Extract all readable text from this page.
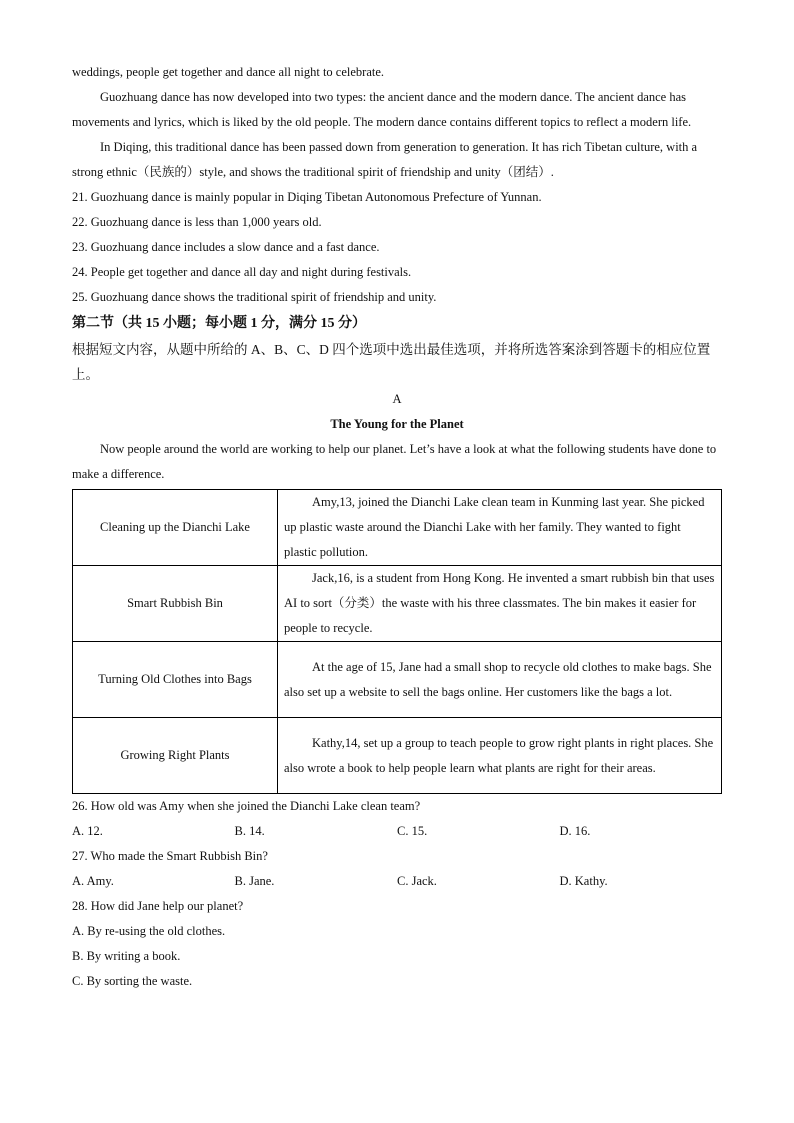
weddings, people get together and dance all night to celebrate.

Guozhuang dance has now developed into two types: the ancient dance and the modern dance. The ancient dance has movements and lyrics, which is liked by the old people. The modern dance contains different topics to reflect a modern life.

In Diqing, this traditional dance has been passed down from generation to generation. It has rich Tibetan culture, with a strong ethnic（民族的）style, and shows the traditional spirit of friendship and unity（团结）.

21. Guozhuang dance is mainly popular in Diqing Tibetan Autonomous Prefecture of Yunnan.

22. Guozhuang dance is less than 1,000 years old.

23. Guozhuang dance includes a slow dance and a fast dance.

24. People get together and dance all day and night during festivals.

25. Guozhuang dance shows the traditional spirit of friendship and unity.

第二节（共 15 小题；每小题 1 分，满分 15 分）

根据短文内容，从题中所给的 A、B、C、D 四个选项中选出最佳选项，并将所选答案涂到答题卡的相应位置上。

A

The Young for the Planet

Now people around the world are working to help our planet. Let’s have a look at what the following students have done to make a difference.

Cleaning up the Dianchi Lake	Amy,13, joined the Dianchi Lake clean team in Kunming last year. She picked up plastic waste around the Dianchi Lake with her family. They wanted to fight plastic pollution.
Smart Rubbish Bin	Jack,16, is a student from Hong Kong. He invented a smart rubbish bin that uses AI to sort（分类）the waste with his three classmates. The bin makes it easier for people to recycle.
Turning Old Clothes into Bags	At the age of 15, Jane had a small shop to recycle old clothes to make bags. She also set up a website to sell the bags online. Her customers like the bags a lot.
Growing Right Plants	Kathy,14, set up a group to teach people to grow right plants in right places. She also wrote a book to help people learn what plants are right for their areas.

26. How old was Amy when she joined the Dianchi Lake clean team?

A. 12.	B. 14.	C. 15.	D. 16.

27. Who made the Smart Rubbish Bin?

A. Amy.	B. Jane.	C. Jack.	D. Kathy.

28. How did Jane help our planet?

A. By re-using the old clothes.

B. By writing a book.

C. By sorting the waste.
